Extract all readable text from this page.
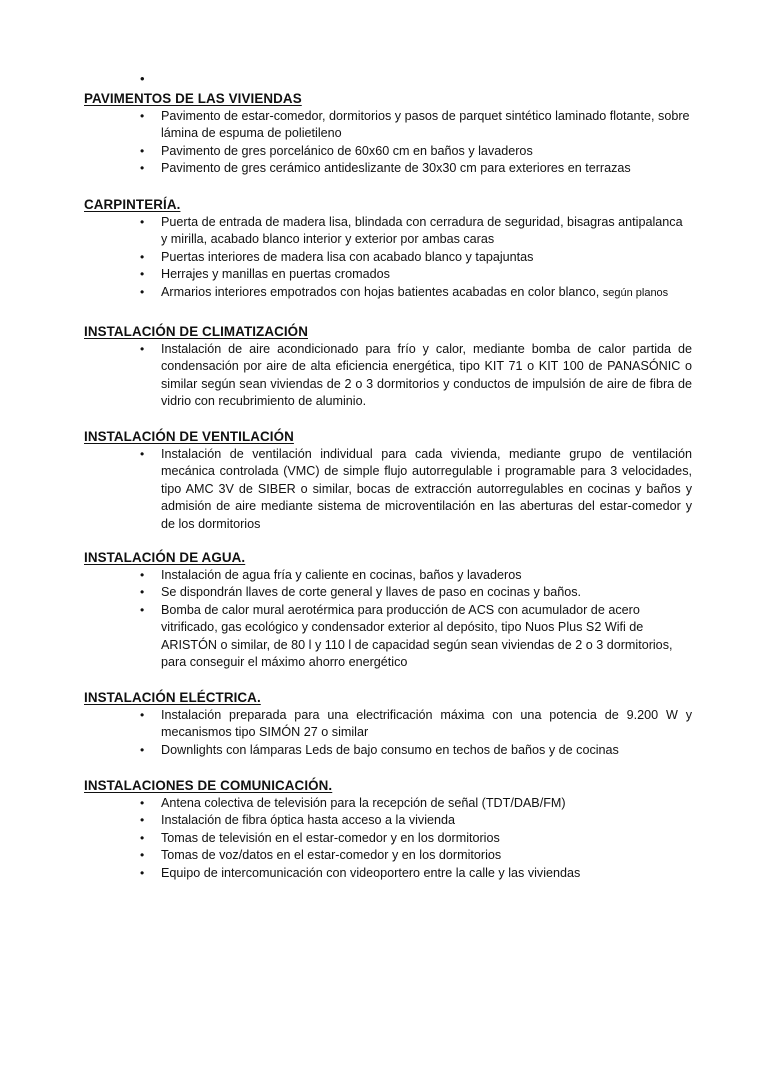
•
PAVIMENTOS DE LAS VIVIENDAS
• Pavimento de estar-comedor, dormitorios y pasos de parquet sintético laminado flotante, sobre lámina de espuma de polietileno
• Pavimento de gres porcelánico de 60x60 cm en baños y lavaderos
• Pavimento de gres cerámico antideslizante de 30x30 cm para exteriores en terrazas
CARPINTERÍA.
• Puerta de entrada de madera lisa, blindada con cerradura de seguridad, bisagras antipalanca y mirilla, acabado blanco interior y exterior por ambas caras
• Puertas interiores de madera lisa con acabado blanco y tapajuntas
• Herrajes y manillas en puertas cromados
• Armarios interiores empotrados con hojas batientes acabadas en color blanco, según planos
INSTALACIÓN DE CLIMATIZACIÓN
• Instalación de aire acondicionado para frío y calor, mediante bomba de calor partida de condensación por aire de alta eficiencia energética, tipo KIT 71 o KIT 100 de PANASÓNIC o similar según sean viviendas de 2 o 3 dormitorios y conductos de impulsión de aire de fibra de vidrio con recubrimiento de aluminio.
INSTALACIÓN DE VENTILACIÓN
• Instalación de ventilación individual para cada vivienda, mediante grupo de ventilación mecánica controlada (VMC) de simple flujo autorregulable i programable para 3 velocidades, tipo AMC 3V de SIBER o similar, bocas de extracción autorregulables en cocinas y baños y admisión de aire mediante sistema de microventilación en las aberturas del estar-comedor y de los dormitorios
INSTALACIÓN DE AGUA.
• Instalación de agua fría y caliente en cocinas, baños y lavaderos
• Se dispondrán llaves de corte general y llaves de paso en cocinas y baños.
• Bomba de calor mural aerotérmica para producción de ACS con acumulador de acero vitrificado, gas ecológico y condensador exterior al depósito, tipo Nuos Plus S2 Wifi de ARISTÓN o similar, de 80 l y 110 l de capacidad según sean viviendas de 2 o 3 dormitorios, para conseguir el máximo ahorro energético
INSTALACIÓN ELÉCTRICA.
• Instalación preparada para una electrificación máxima con una potencia de 9.200 W y mecanismos tipo SIMÓN 27 o similar
• Downlights con lámparas Leds de bajo consumo en techos de baños y de cocinas
INSTALACIONES DE COMUNICACIÓN.
• Antena colectiva de televisión para la recepción de señal (TDT/DAB/FM)
• Instalación de fibra óptica hasta acceso a la vivienda
• Tomas de televisión en el estar-comedor y en los dormitorios
• Tomas de voz/datos en el estar-comedor y en los dormitorios
• Equipo de intercomunicación con videoportero entre la calle y las viviendas
